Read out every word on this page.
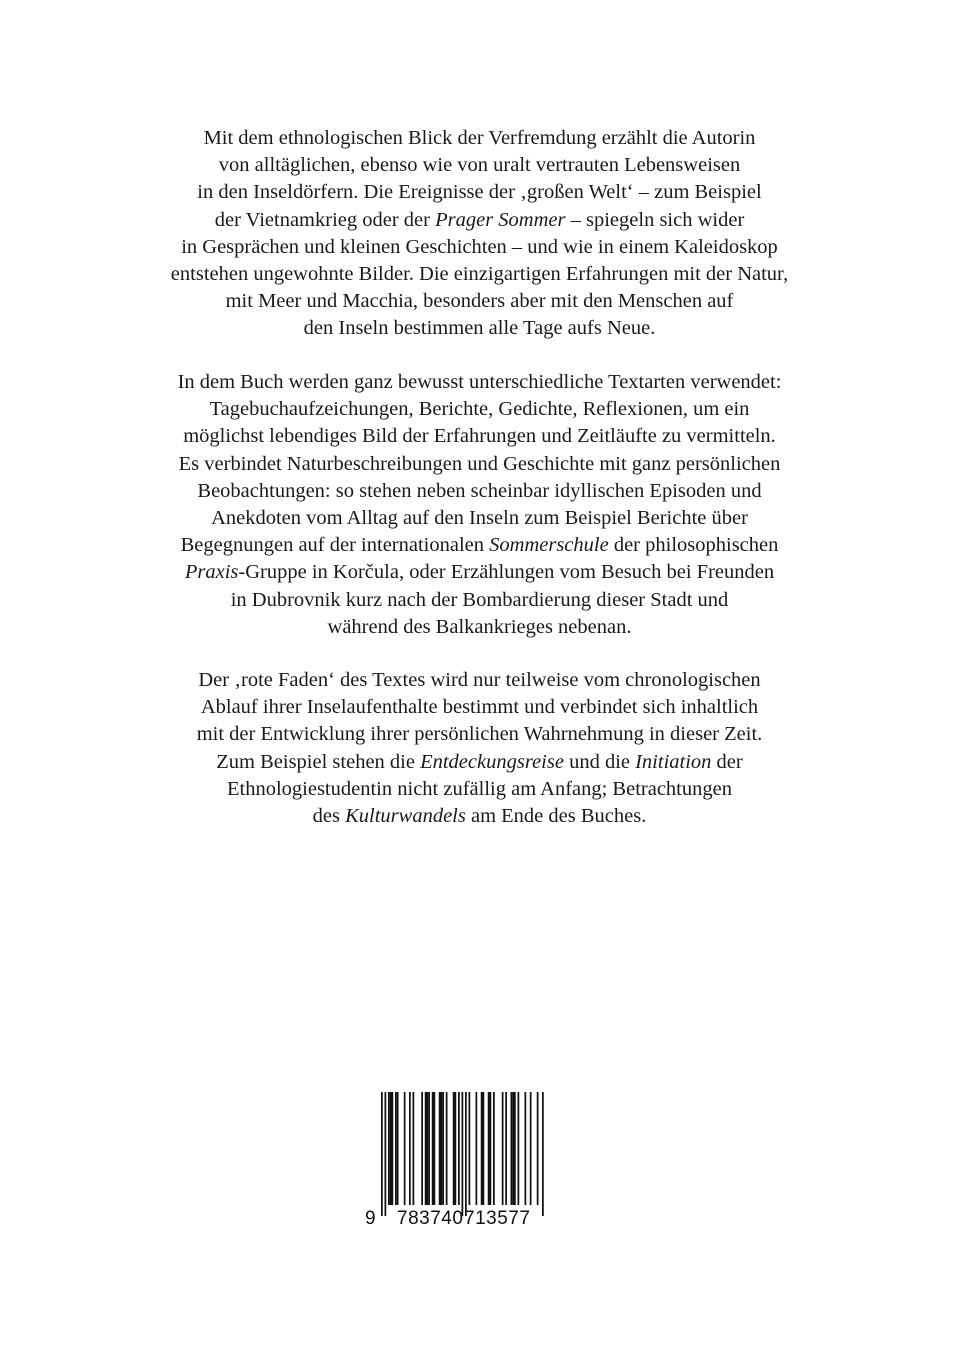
Mit dem ethnologischen Blick der Verfremdung erzählt die Autorin
von alltäglichen, ebenso wie von uralt vertrauten Lebensweisen
in den Inseldörfern. Die Ereignisse der ‚großen Welt‘ – zum Beispiel
der Vietnamkrieg oder der Prager Sommer – spiegeln sich wider
in Gesprächen und kleinen Geschichten – und wie in einem Kaleidoskop
entstehen ungewohnte Bilder. Die einzigartigen Erfahrungen mit der Natur,
mit Meer und Macchia, besonders aber mit den Menschen auf
den Inseln bestimmen alle Tage aufs Neue.
In dem Buch werden ganz bewusst unterschiedliche Textarten verwendet:
Tagebuchaufzeichungen, Berichte, Gedichte, Reflexionen, um ein
möglichst lebendiges Bild der Erfahrungen und Zeitläufte zu vermitteln.
Es verbindet Naturbeschreibungen und Geschichte mit ganz persönlichen
Beobachtungen: so stehen neben scheinbar idyllischen Episoden und
Anekdoten vom Alltag auf den Inseln zum Beispiel Berichte über
Begegnungen auf der internationalen Sommerschule der philosophischen
Praxis-Gruppe in Korčula, oder Erzählungen vom Besuch bei Freunden
in Dubrovnik kurz nach der Bombardierung dieser Stadt und
während des Balkankrieges nebenan.
Der ‚rote Faden‘ des Textes wird nur teilweise vom chronologischen
Ablauf ihrer Inselaufenthalte bestimmt und verbindet sich inhaltlich
mit der Entwicklung ihrer persönlichen Wahrnehmung in dieser Zeit.
Zum Beispiel stehen die Entdeckungsreise und die Initiation der
Ethnologiestudentin nicht zufällig am Anfang; Betrachtungen
des Kulturwandels am Ende des Buches.
9 783740 713577
